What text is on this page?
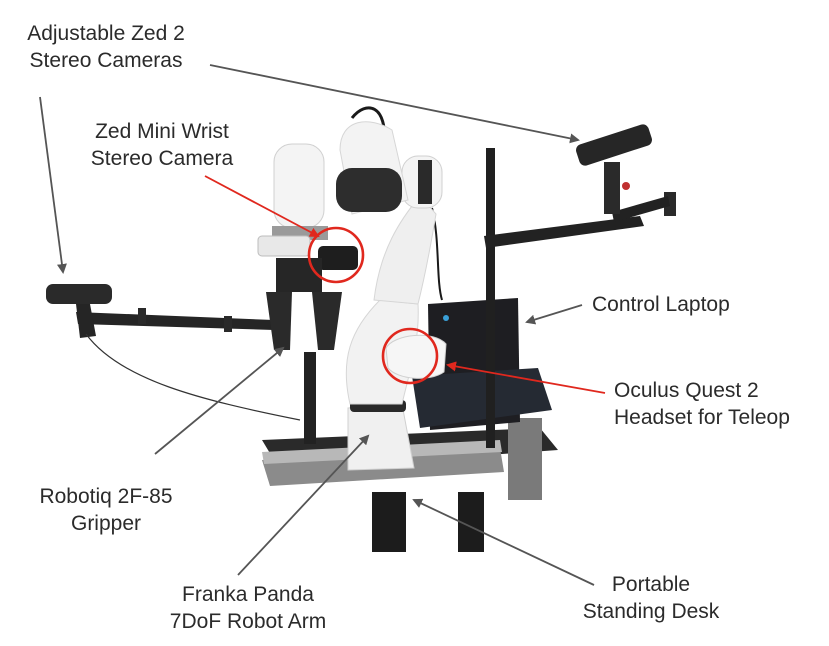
Adjustable Zed 2
Stereo Cameras
Zed Mini Wrist
Stereo Camera
Control Laptop
Oculus Quest 2
Headset for Teleop
Robotiq 2F-85
Gripper
Franka Panda
7DoF Robot Arm
Portable
Standing Desk
